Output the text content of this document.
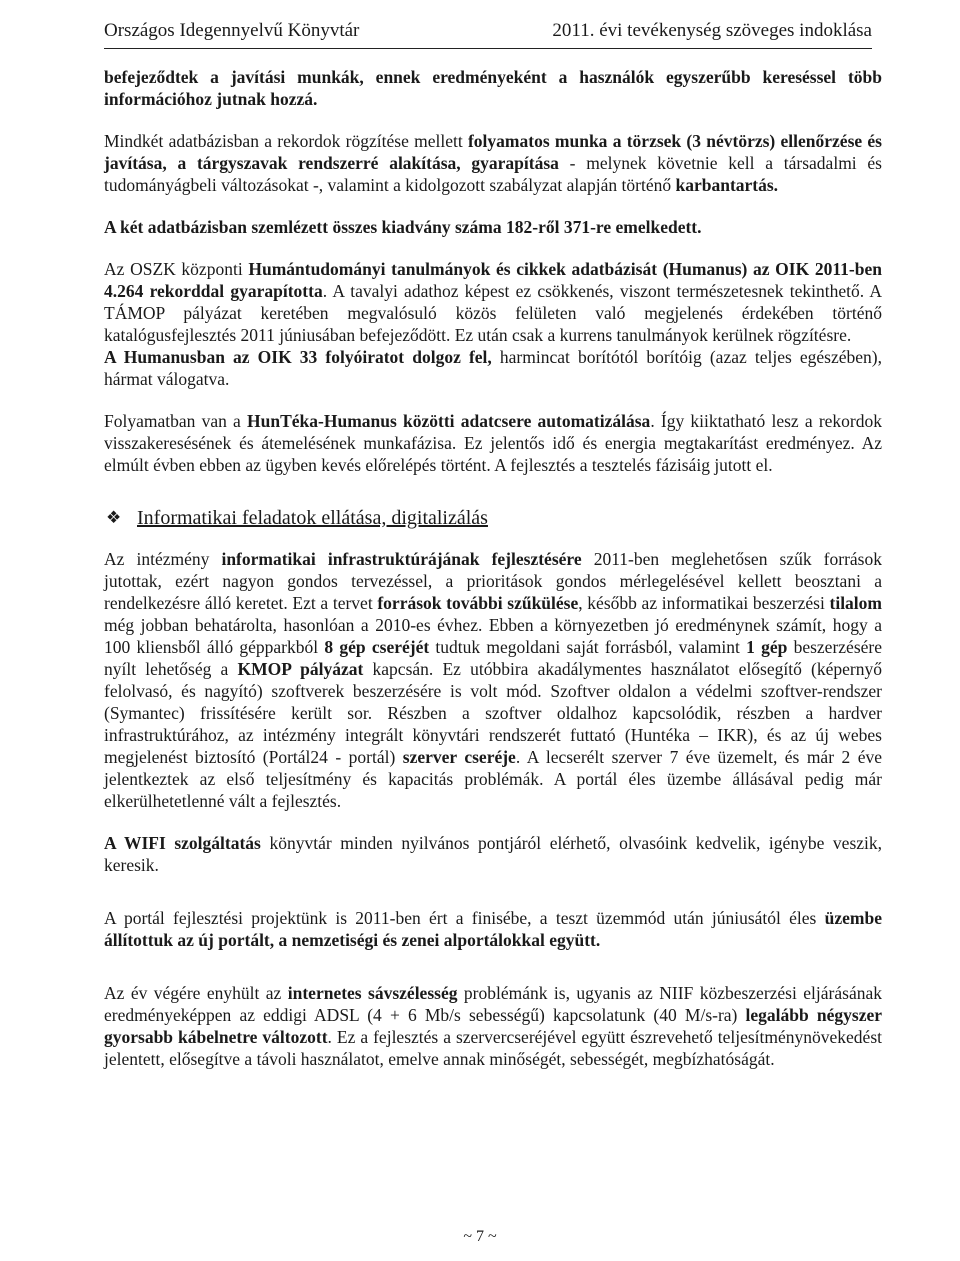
Országos Idegennyelvű Könyvtár	2011. évi tevékenység szöveges indoklása

befejeződtek a javítási munkák, ennek eredményeként a használók egyszerűbb kereséssel több információhoz jutnak hozzá.

Mindkét adatbázisban a rekordok rögzítése mellett folyamatos munka a törzsek (3 névtörzs) ellenőrzése és javítása, a tárgyszavak rendszerré alakítása, gyarapítása - melynek követnie kell a társadalmi és tudományágbeli változásokat -, valamint a kidolgozott szabályzat alapján történő karbantartás.

A két adatbázisban szemlézett összes kiadvány száma 182-ről 371-re emelkedett.

Az OSZK központi Humántudományi tanulmányok és cikkek adatbázisát (Humanus) az OIK 2011-ben 4.264 rekorddal gyarapította. A tavalyi adathoz képest ez csökkenés, viszont természetesnek tekinthető. A TÁMOP pályázat keretében megvalósuló közös felületen való megjelenés érdekében történő katalógusfejlesztés 2011 júniusában befejeződött. Ez után csak a kurrens tanulmányok kerülnek rögzítésre.

A Humanusban az OIK 33 folyóiratot dolgoz fel, harmincat borítótól borítóig (azaz teljes egészében), hármat válogatva.

Folyamatban van a HunTéka-Humanus közötti adatcsere automatizálása. Így kiiktatható lesz a rekordok visszakeresésének és átemelésének munkafázisa. Ez jelentős idő és energia megtakarítást eredményez. Az elmúlt évben ebben az ügyben kevés előrelépés történt. A fejlesztés a tesztelés fázisáig jutott el.

❖ Informatikai feladatok ellátása, digitalizálás

Az intézmény informatikai infrastruktúrájának fejlesztésére 2011-ben meglehetősen szűk források jutottak, ezért nagyon gondos tervezéssel, a prioritások gondos mérlegelésével kellett beosztani a rendelkezésre álló keretet. Ezt a tervet források további szűkülése, később az informatikai beszerzési tilalom még jobban behatárolta, hasonlóan a 2010-es évhez. Ebben a környezetben jó eredménynek számít, hogy a 100 kliensből álló gépparkból 8 gép cseréjét tudtuk megoldani saját forrásból, valamint 1 gép beszerzésére nyílt lehetőség a KMOP pályázat kapcsán. Ez utóbbira akadálymentes használatot elősegítő (képernyő felolvasó, és nagyító) szoftverek beszerzésére is volt mód. Szoftver oldalon a védelmi szoftver-rendszer (Symantec) frissítésére került sor. Részben a szoftver oldalhoz kapcsolódik, részben a hardver infrastruktúrához, az intézmény integrált könyvtári rendszerét futtató (Huntéka – IKR), és az új webes megjelenést biztosító (Portál24 - portál) szerver cseréje. A lecserélt szerver 7 éve üzemelt, és már 2 éve jelentkeztek az első teljesítmény és kapacitás problémák. A portál éles üzembe állásával pedig már elkerülhetetlenné vált a fejlesztés.

A WIFI szolgáltatás könyvtár minden nyilvános pontjáról elérhető, olvasóink kedvelik, igénybe veszik, keresik.

A portál fejlesztési projektünk is 2011-ben ért a finisébe, a teszt üzemmód után júniusától éles üzembe állítottuk az új portált, a nemzetiségi és zenei alportálokkal együtt.

Az év végére enyhült az internetes sávszélesség problémánk is, ugyanis az NIIF közbeszerzési eljárásának eredményeképpen az eddigi ADSL (4 + 6 Mb/s sebességű) kapcsolatunk (40 M/s-ra) legalább négyszer gyorsabb kábelnetre változott. Ez a fejlesztés a szervercseréjével együtt észrevehető teljesítménynövekedést jelentett, elősegítve a távoli használatot, emelve annak minőségét, sebességét, megbízhatóságát.

~ 7 ~
